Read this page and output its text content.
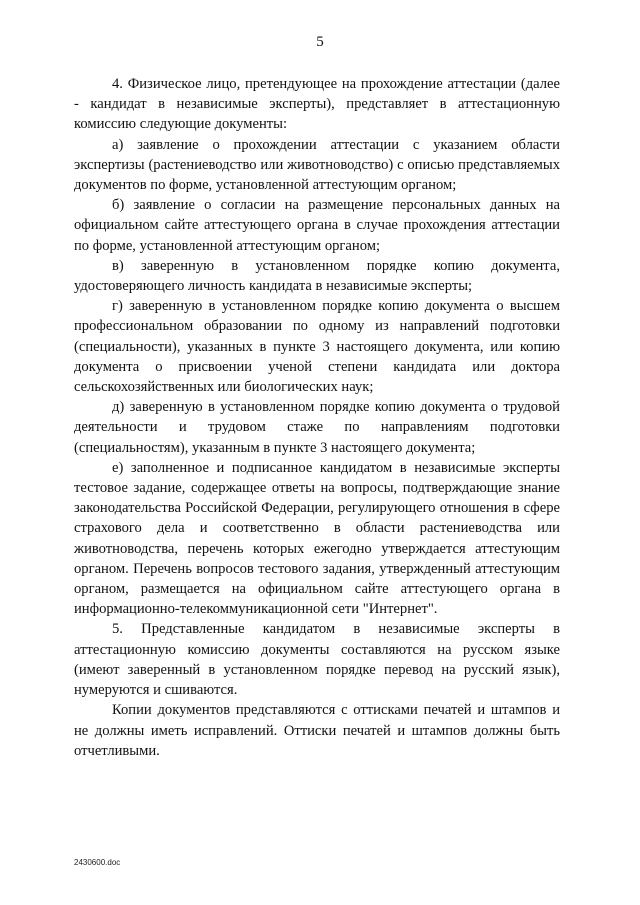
5

4. Физическое лицо, претендующее на прохождение аттестации (далее - кандидат в независимые эксперты), представляет в аттестационную комиссию следующие документы:

а) заявление о прохождении аттестации с указанием области экспертизы (растениеводство или животноводство) с описью представляемых документов по форме, установленной аттестующим органом;

б) заявление о согласии на размещение персональных данных на официальном сайте аттестующего органа в случае прохождения аттестации по форме, установленной аттестующим органом;

в) заверенную в установленном порядке копию документа, удостоверяющего личность кандидата в независимые эксперты;

г) заверенную в установленном порядке копию документа о высшем профессиональном образовании по одному из направлений подготовки (специальности), указанных в пункте 3 настоящего документа, или копию документа о присвоении ученой степени кандидата или доктора сельскохозяйственных или биологических наук;

д) заверенную в установленном порядке копию документа о трудовой деятельности и трудовом стаже по направлениям подготовки (специальностям), указанным в пункте 3 настоящего документа;

е) заполненное и подписанное кандидатом в независимые эксперты тестовое задание, содержащее ответы на вопросы, подтверждающие знание законодательства Российской Федерации, регулирующего отношения в сфере страхового дела и соответственно в области растениеводства или животноводства, перечень которых ежегодно утверждается аттестующим органом. Перечень вопросов тестового задания, утвержденный аттестующим органом, размещается на официальном сайте аттестующего органа в информационно-телекоммуникационной сети "Интернет".

5. Представленные кандидатом в независимые эксперты в аттестационную комиссию документы составляются на русском языке (имеют заверенный в установленном порядке перевод на русский язык), нумеруются и сшиваются.

Копии документов представляются с оттисками печатей и штампов и не должны иметь исправлений. Оттиски печатей и штампов должны быть отчетливыми.

2430600.doc
